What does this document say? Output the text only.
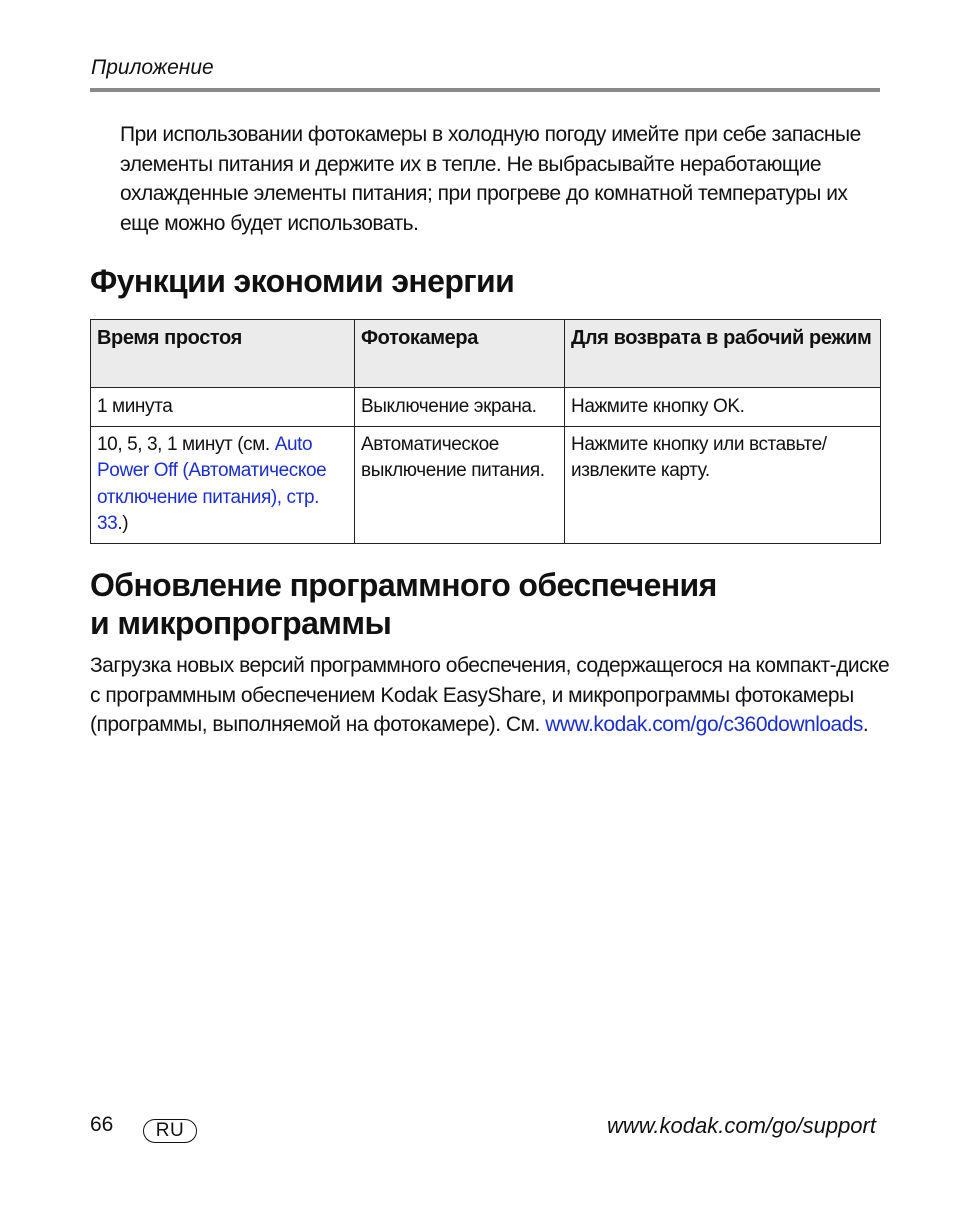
Приложение
При использовании фотокамеры в холодную погоду имейте при себе запасные
элементы питания и держите их в тепле. Не выбрасывайте неработающие
охлажденные элементы питания; при прогреве до комнатной температуры их
еще можно будет использовать.
Функции экономии энергии
Время простоя	Фотокамера	Для возврата в рабочий режим
1 минута	Выключение экрана.	Нажмите кнопку OK.
10, 5, 3, 1 минут (см. Auto Power Off (Автоматическое отключение питания), стр. 33.)	Автоматическое выключение питания.	Нажмите кнопку или вставьте/извлеките карту.
Обновление программного обеспечения
и микропрограммы
Загрузка новых версий программного обеспечения, содержащегося на компакт-диске с программным обеспечением Kodak EasyShare, и микропрограммы фотокамеры (программы, выполняемой на фотокамере). См. www.kodak.com/go/c360downloads.
66	RU	www.kodak.com/go/support
